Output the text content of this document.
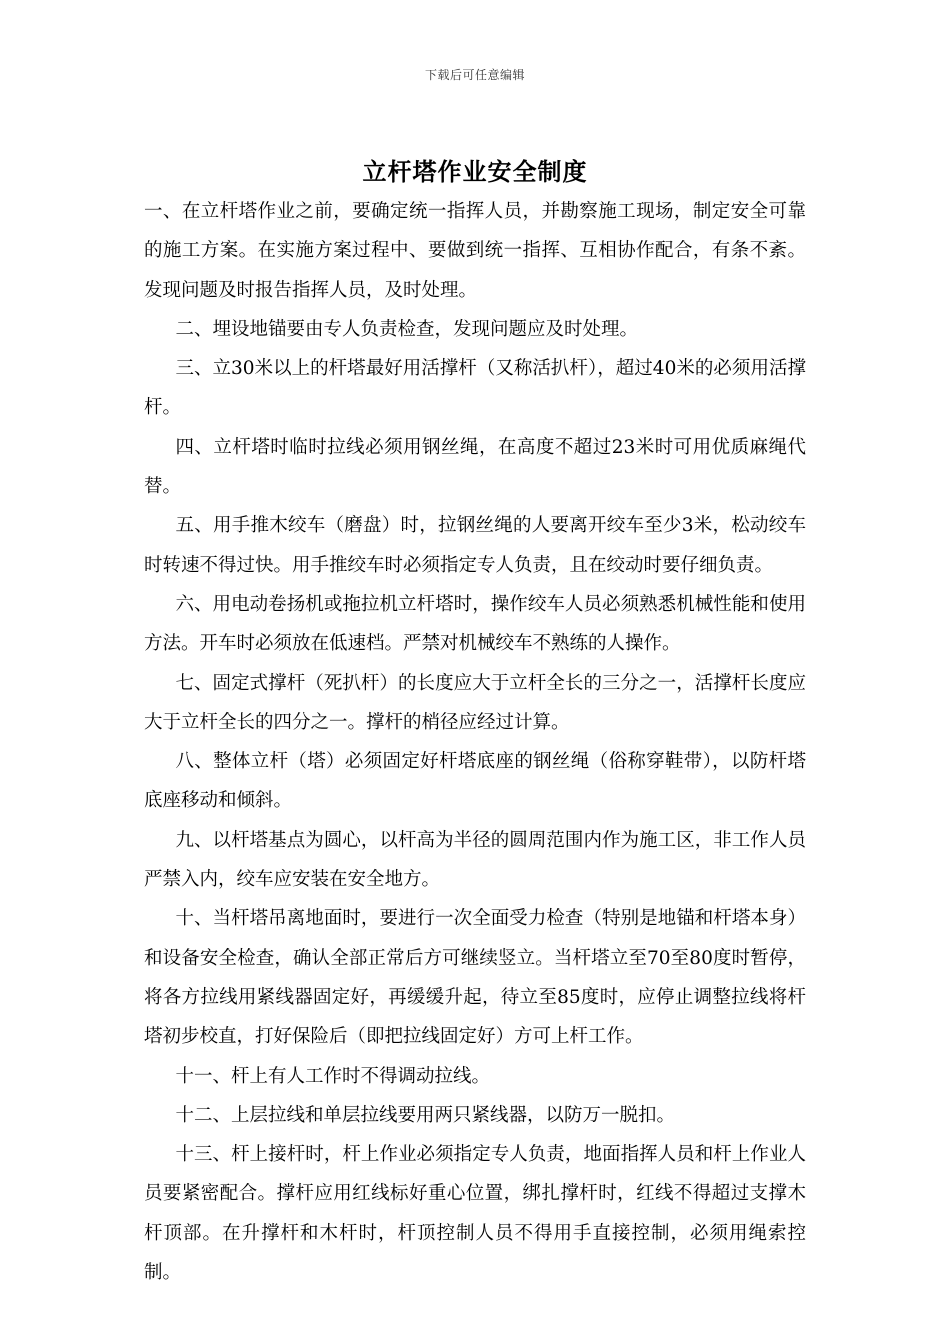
下载后可任意编辑
立杆塔作业安全制度

一、在立杆塔作业之前，要确定统一指挥人员，并勘察施工现场，制定安全可靠的施工方案。在实施方案过程中、要做到统一指挥、互相协作配合，有条不紊。发现问题及时报告指挥人员，及时处理。

二、埋设地锚要由专人负责检查，发现问题应及时处理。

三、立30米以上的杆塔最好用活撑杆（又称活扒杆），超过40米的必须用活撑杆。

四、立杆塔时临时拉线必须用钢丝绳，在高度不超过23米时可用优质麻绳代替。

五、用手推木绞车（磨盘）时，拉钢丝绳的人要离开绞车至少3米，松动绞车时转速不得过快。用手推绞车时必须指定专人负责，且在绞动时要仔细负责。

六、用电动卷扬机或拖拉机立杆塔时，操作绞车人员必须熟悉机械性能和使用方法。开车时必须放在低速档。严禁对机械绞车不熟练的人操作。

七、固定式撑杆（死扒杆）的长度应大于立杆全长的三分之一，活撑杆长度应大于立杆全长的四分之一。撑杆的梢径应经过计算。

八、整体立杆（塔）必须固定好杆塔底座的钢丝绳（俗称穿鞋带），以防杆塔底座移动和倾斜。

九、以杆塔基点为圆心，以杆高为半径的圆周范围内作为施工区，非工作人员严禁入内，绞车应安装在安全地方。

十、当杆塔吊离地面时，要进行一次全面受力检查（特别是地锚和杆塔本身）和设备安全检查，确认全部正常后方可继续竖立。当杆塔立至70至80度时暂停，将各方拉线用紧线器固定好，再缓缓升起，待立至85度时，应停止调整拉线将杆塔初步校直，打好保险后（即把拉线固定好）方可上杆工作。

十一、杆上有人工作时不得调动拉线。

十二、上层拉线和单层拉线要用两只紧线器，以防万一脱扣。

十三、杆上接杆时，杆上作业必须指定专人负责，地面指挥人员和杆上作业人员要紧密配合。撑杆应用红线标好重心位置，绑扎撑杆时，红线不得超过支撑木杆顶部。在升撑杆和木杆时，杆顶控制人员不得用手直接控制，必须用绳索控制。
